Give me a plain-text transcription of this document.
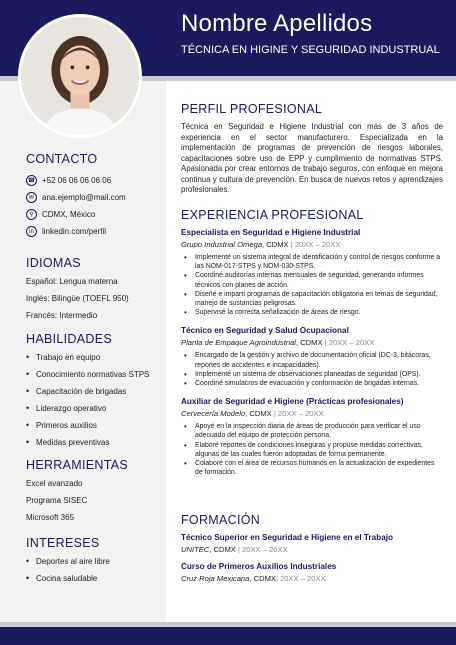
Nombre Apellidos
TÉCNICA EN HIGINE Y SEGURIDAD INDUSTRUAL
CONTACTO
☎ +52 06 06 06 06 06
✉ ana.ejemplo@mail.com
⚲	CDMX, México
in	linkedin.com/perfil
IDIOMAS
Español: Lengua materna
Inglés: Bilingüe (TOEFL 950)
Francés: Intermedio
HABILIDADES
• Trabajo en equipo
• Conocimiento normativas STPS
• Capacitación de brigadas
• Liderazgo operativo
• Primeros auxilios
• Medidas preventivas
HERRAMIENTAS
Excel avanzado
Programa SISEC
Microsoft 365
INTERESES
• Deportes al aire libre
• Cocina saludable
PERFIL PROFESIONAL
Técnica en Seguridad e Higiene Industrial con más de 3 años de experiencia en el sector manufacturero. Especializada en la implementación de programas de prevención de riesgos laborales, capacitaciones sobre uso de EPP y cumplimiento de normativas STPS. Apasionada por crear entornos de trabajo seguros, con enfoque en mejora continua y cultura de prevención. En busca de nuevos retos y aprendizajes profesionales.
EXPERIENCIA PROFESIONAL
Especialista en Seguridad e Higiene Industrial
Grupo Industrial Omega, CDMX | 20XX – 20XX
• Implementé un sistema integral de identificación y control de riesgos conforme a las NOM-017-STPS y NOM-030-STPS.
• Coordiné auditorías internas mensuales de seguridad, generando informes técnicos con planes de acción.
• Diseñé e impartí programas de capacitación obligatoria en temas de seguridad, manejo de sustancias peligrosas.
• Supervisé la correcta señalización de áreas de riesgo.
Técnico en Seguridad y Salud Ocupacional
Planta de Empaque Agroindustrial, CDMX | 20XX – 20XX
• Encargado de la gestión y archivo de documentación oficial (DC-3, bitácoras, reportes de accidentes e incapacidades).
• Implementé un sistema de observaciones planeadas de seguridad (OPS).
• Coordiné simulacros de evacuación y conformación de brigadas internas.
Auxiliar de Seguridad e Higiene (Prácticas profesionales)
Cervecería Modelo, CDMX | 20XX – 20XX
• Apoyé en la inspección diaria de áreas de producción para verificar el uso adecuado del equipo de protección persona.
• Elaboré reportes de condiciones inseguras y propuse medidas correctivas, algunas de las cuales fueron adoptadas de forma permanente.
• Colaboré con el área de recursos humanos en la actualización de expedientes de formación.
FORMACIÓN
Técnico Superior en Seguridad e Higiene en el Trabajo
UNITEC, CDMX | 20XX – 20XX
Curso de Primeros Auxilios Industriales
Cruz Roja Mexicana, CDMX| 20XX – 20XX
